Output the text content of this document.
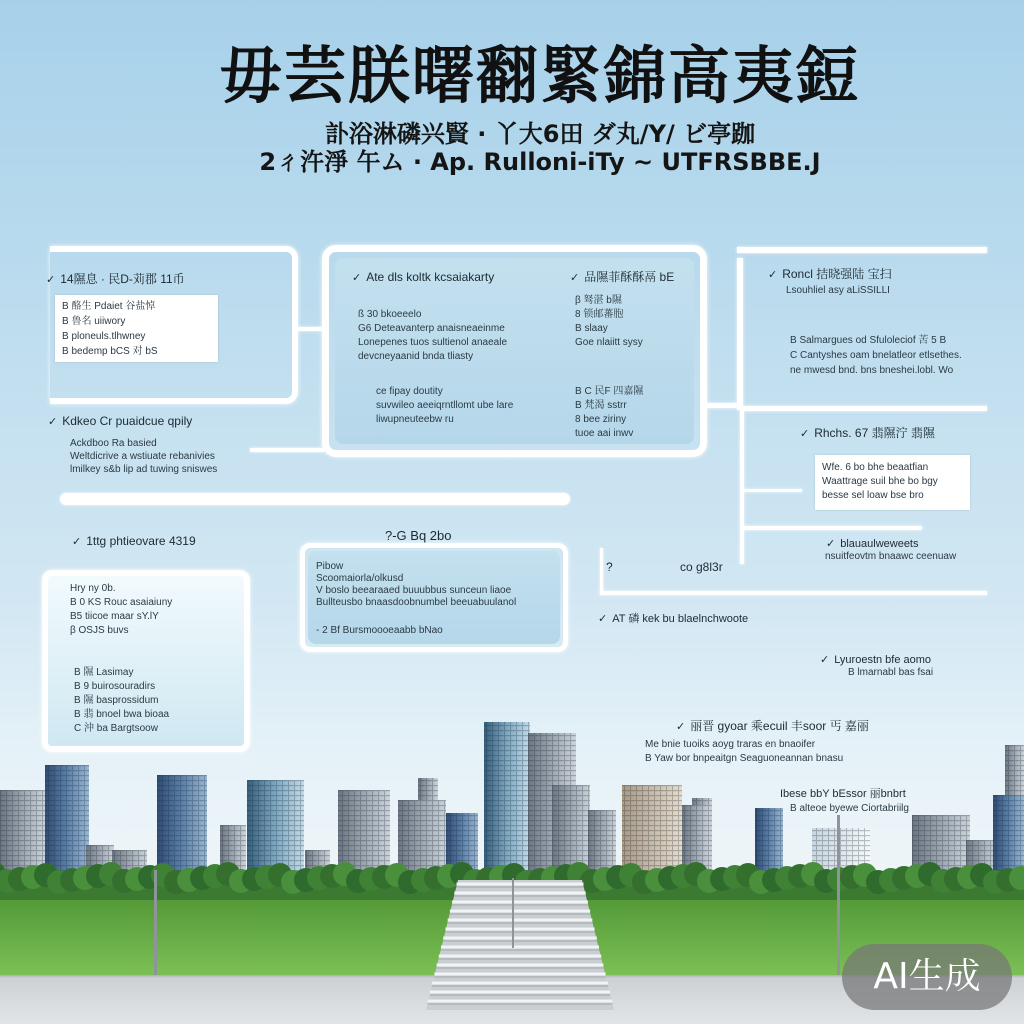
毋芸朕曙翻緊錦高夷鋀
訃浴淋磷兴賢 · 丫大6田 ダ丸/Y/ ビ亭跏
2ㄔ汻淨 午ム · Ap. Rulloni-iTy ~ UTFRSBBE.J
✓ 14隰息 · 民D-苅郡 11币
B 酪生 Pdaiet 谷盐悼
B 鲁名 uiiwory
B ploneuls.tlhwney
B bedemp bCS 对 bS
✓ Kdkeo Cr puaidcue qpily
Ackdboo Ra basied
Weltdicrive a wstiuate rebanivies
lmilkey s&b lip ad tuwing sniswes
✓ 1ttg phtieovare 4319
Hry ny 0b.
B 0 KS Rouc asaiaiuny
B5 tiicoe maar sY.lY
β OSJS buvs
B 隰 Lasimay
B 9 buirosouradirs
B 隰 basprossidum
B 翡 bnoel bwa bioaa
C 沖 ba Bargtsoow
✓ Ate dls koltk kcsaiakarty	✓ 品隰菲酥酥鬲 bE
ß 30 bkoeeelo
G6 Deteavanterp anaisneaeinme
Lonepenes tuos sultienol anaeale
devcneyaanid bnda tliasty
ce fipay doutity
suvwileo aeeiqrntllomt ube lare
liwupneuteebw ru
β 驽湛 b隰
8 锁邮蕃胞
B slaay
Goe nlaiitt sysy
B C 民F 四嘉隰
B 梵渴 sstrr
8 bee ziriny
tuoe aai inwv
✓ Roncl 拮晓强陆 宝扫
Lsouhliel asy aLiSSILLI
B Salmargues od Sfuloleciof 苦 5 B
C Cantyshes oam bnelatleor etlsethes.
ne mwesd bnd. bns bneshei.lobl. Wo
✓ Rhchs. 67 翡隰泞 翡隰
Wfe. 6 bo bhe beaatfian
Waattrage suil bhe bo bgy
besse sel loaw bse bro
✓ blauaulweweets
nsuitfeovtm bnaawc ceenuaw
?	co g8l3r
✓ AT 磷 kek bu blaelnchwoote
✓ Lyuroestn bfe aomo
B lmarnabl bas fsai
?-G Bq 2bo
Pibow
Scoomaiorla/olkusd
V boslo beearaaed buuubbus sunceun liaoe
Bullteusbo bnaasdoobnumbel beeuabuulanol
- 2 Bf Bursmoooeaabb bNao
✓ 丽晋 gyoar 乘ecuil 丰soor 丐 嘉丽
Me bnie tuoiks aoyg traras en bnaoifer
B Yaw bor bnpeaitgn Seaguoneannan bnasu
Ibese bbY bEssor 丽bnbrt
B alteoe byewe Ciortabriilg
AI生成
